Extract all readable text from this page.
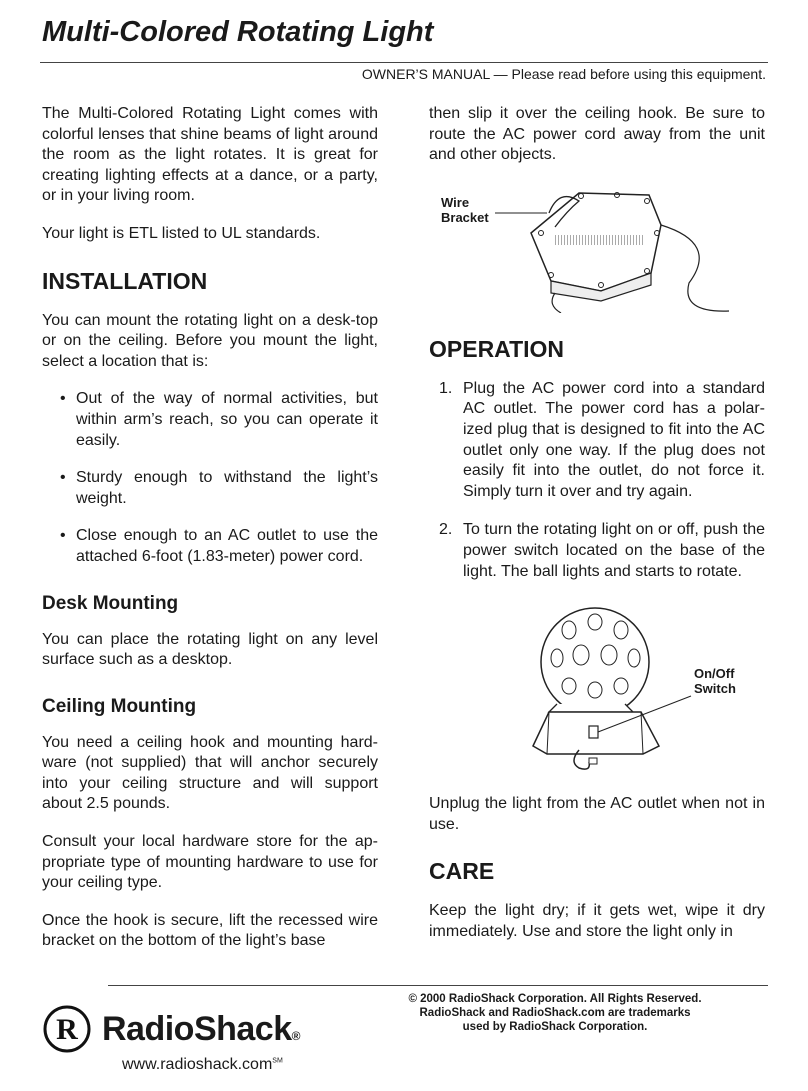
Multi-Colored Rotating Light
OWNER’S MANUAL — Please read before using this equipment.

The Multi-Colored Rotating Light comes with colorful lenses that shine beams of light around the room as the light rotates. It is great for creating lighting effects at a dance, or a party, or in your living room.

Your light is ETL listed to UL standards.

INSTALLATION

You can mount the rotating light on a desk-top or on the ceiling. Before you mount the light, select a location that is:

• Out of the way of normal activities, but within arm’s reach, so you can operate it easily.
• Sturdy enough to withstand the light’s weight.
• Close enough to an AC outlet to use the attached 6-foot (1.83-meter) power cord.
Desk Mounting

You can place the rotating light on any level surface such as a desktop.

Ceiling Mounting

You need a ceiling hook and mounting hard-ware (not supplied) that will anchor securely into your ceiling structure and will support about 2.5 pounds.

Consult your local hardware store for the ap-propriate type of mounting hardware to use for your ceiling type.

Once the hook is secure, lift the recessed wire bracket on the bottom of the light’s base

then slip it over the ceiling hook. Be sure to route the AC power cord away from the unit and other objects.

Wire
Bracket
OPERATION
1. Plug the AC power cord into a standard AC outlet. The power cord has a polar-ized plug that is designed to fit into the AC outlet only one way. If the plug does not easily fit into the outlet, do not force it. Simply turn it over and try again.
2. To turn the rotating light on or off, push the power switch located on the base of the light. The ball lights and starts to rotate.
On/Off
Switch

Unplug the light from the AC outlet when not in use.

CARE

Keep the light dry; if it gets wet, wipe it dry immediately. Use and store the light only in

© 2000 RadioShack Corporation. All Rights Reserved.
RadioShack and RadioShack.com are trademarks
used by RadioShack Corporation.
R RadioShack®
www.radioshack.com℠
